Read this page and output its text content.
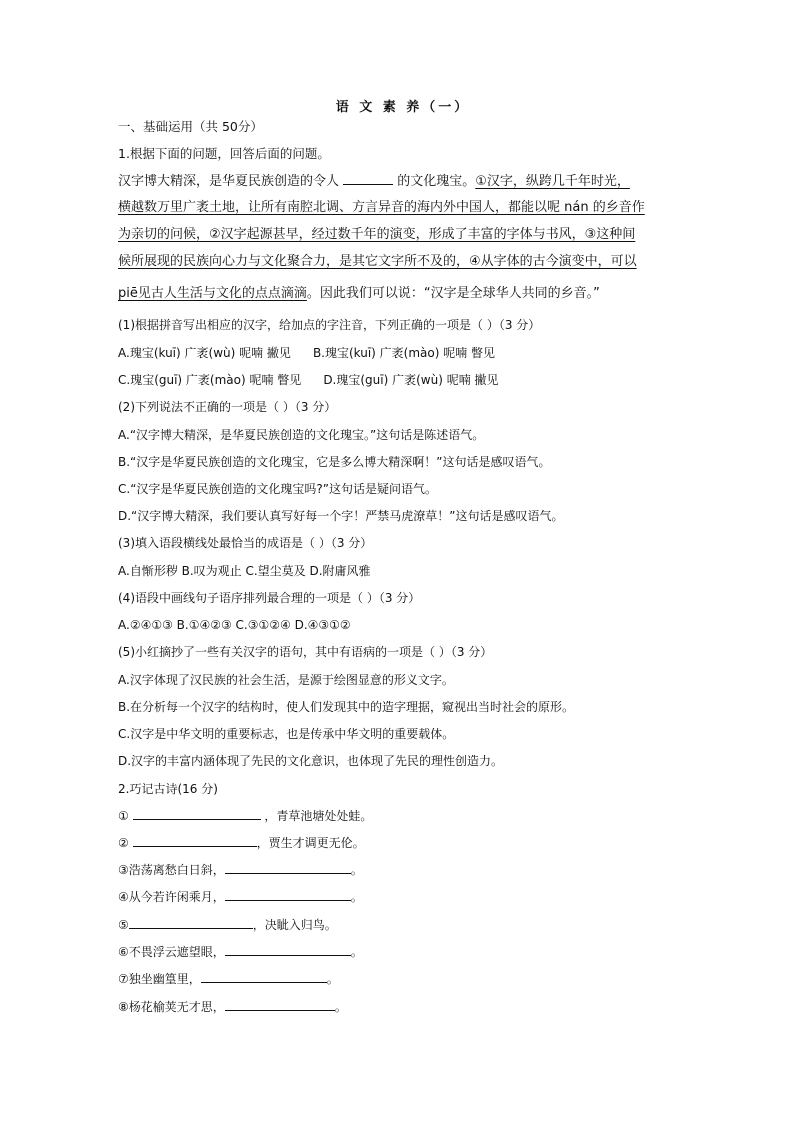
语 文 素 养（一）
一、基础运用（共 50分）
1.根据下面的问题，回答后面的问题。
汉字博大精深，是华夏民族创造的令人	的文化瑰宝。①汉字，纵跨几千年时光，
横越数万里广袤土地，让所有南腔北调、方言异音的海内外中国人，都能以呢 nán 的乡音作
为亲切的问候，②汉字起源甚早，经过数千年的演变，形成了丰富的字体与书风，③这种间
候所展现的民族向心力与文化聚合力，是其它文字所不及的，④从字体的古今演变中，可以
piē见古人生活与文化的点点滴滴。因此我们可以说：“汉字是全球华人共同的乡音。”
(1)根据拼音写出相应的汉字，给加点的字注音，下列正确的一项是（ ）（3 分）
A.瑰宝(kuī) 广袤(wù) 呢喃 撇见 B.瑰宝(kuī) 广袤(mào) 呢喃 瞥见
C.瑰宝(guī) 广袤(mào) 呢喃 瞥见 D.瑰宝(guī) 广袤(wù) 呢喃 撇见
(2)下列说法不正确的一项是（ ）（3 分）
A.“汉字博大精深，是华夏民族创造的文化瑰宝。”这句话是陈述语气。
B.“汉字是华夏民族创造的文化瑰宝，它是多么博大精深啊！”这句话是感叹语气。
C.“汉字是华夏民族创造的文化瑰宝吗?”这句话是疑问语气。
D.“汉字博大精深，我们要认真写好每一个字！严禁马虎潦草！”这句话是感叹语气。
(3)填入语段横线处最恰当的成语是（ ）（3 分）
A.自惭形秽 B.叹为观止 C.望尘莫及 D.附庸风雅
(4)语段中画线句子语序排列最合理的一项是（ ）（3 分）
A.②④①③ B.①④②③ C.③①②④ D.④③①②
(5)小红摘抄了一些有关汉字的语句，其中有语病的一项是（ ）（3 分）
A.汉字体现了汉民族的社会生活，是源于绘图显意的形义文字。
B.在分析每一个汉字的结构时，使人们发现其中的造字理据，窥视出当时社会的原形。
C.汉字是中华文明的重要标志，也是传承中华文明的重要载体。
D.汉字的丰富内涵体现了先民的文化意识，也体现了先民的理性创造力。
2.巧记古诗(16 分)
①	，青草池塘处处蛙。
②	，贾生才调更无伦。
③浩荡离愁白日斜，	。
④从今若许闲乘月，	。
⑤	，决眦入归鸟。
⑥不畏浮云遮望眼，	。
⑦独坐幽篁里，	。
⑧杨花榆荚无才思，	。
